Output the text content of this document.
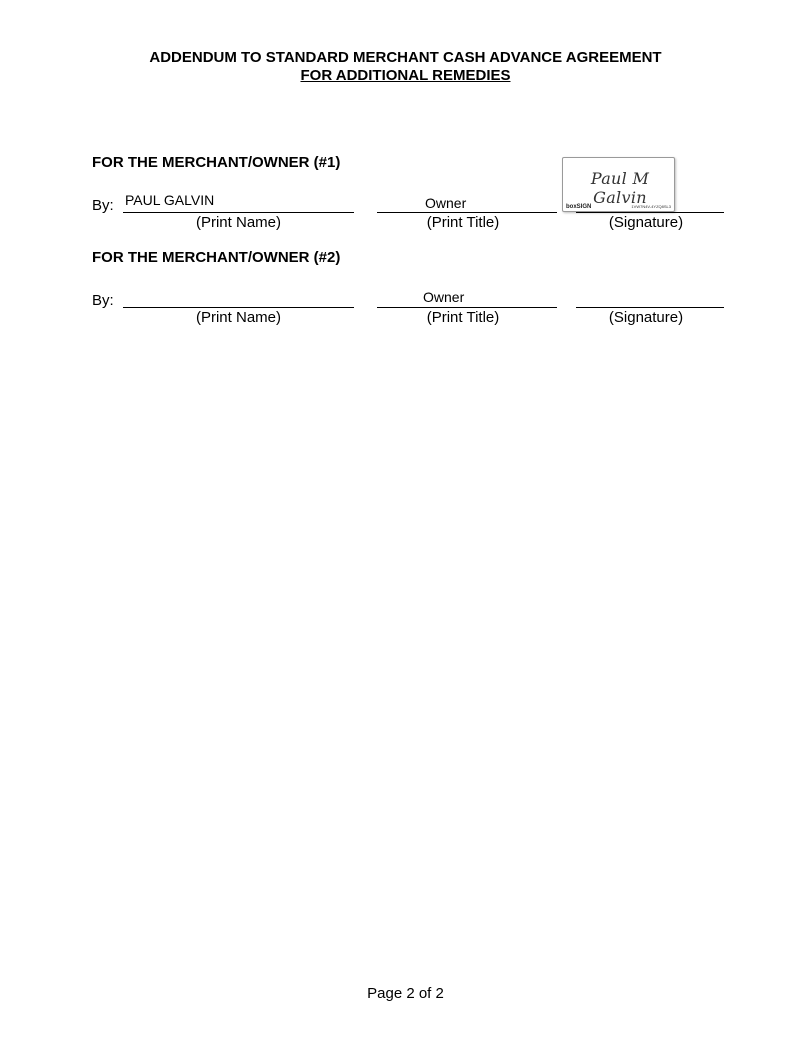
ADDENDUM TO STANDARD MERCHANT CASH ADVANCE AGREEMENT
FOR ADDITIONAL REMEDIES
FOR THE MERCHANT/OWNER (#1)
By: PAUL GALVIN
(Print Name)
Owner
(Print Title)
Paul M Galvin
boxSIGN	1VW7N4V-4YZQ8SL3
(Signature)
FOR THE MERCHANT/OWNER (#2)
By:
(Print Name)
Owner
(Print Title)	(Signature)
Page 2 of 2
